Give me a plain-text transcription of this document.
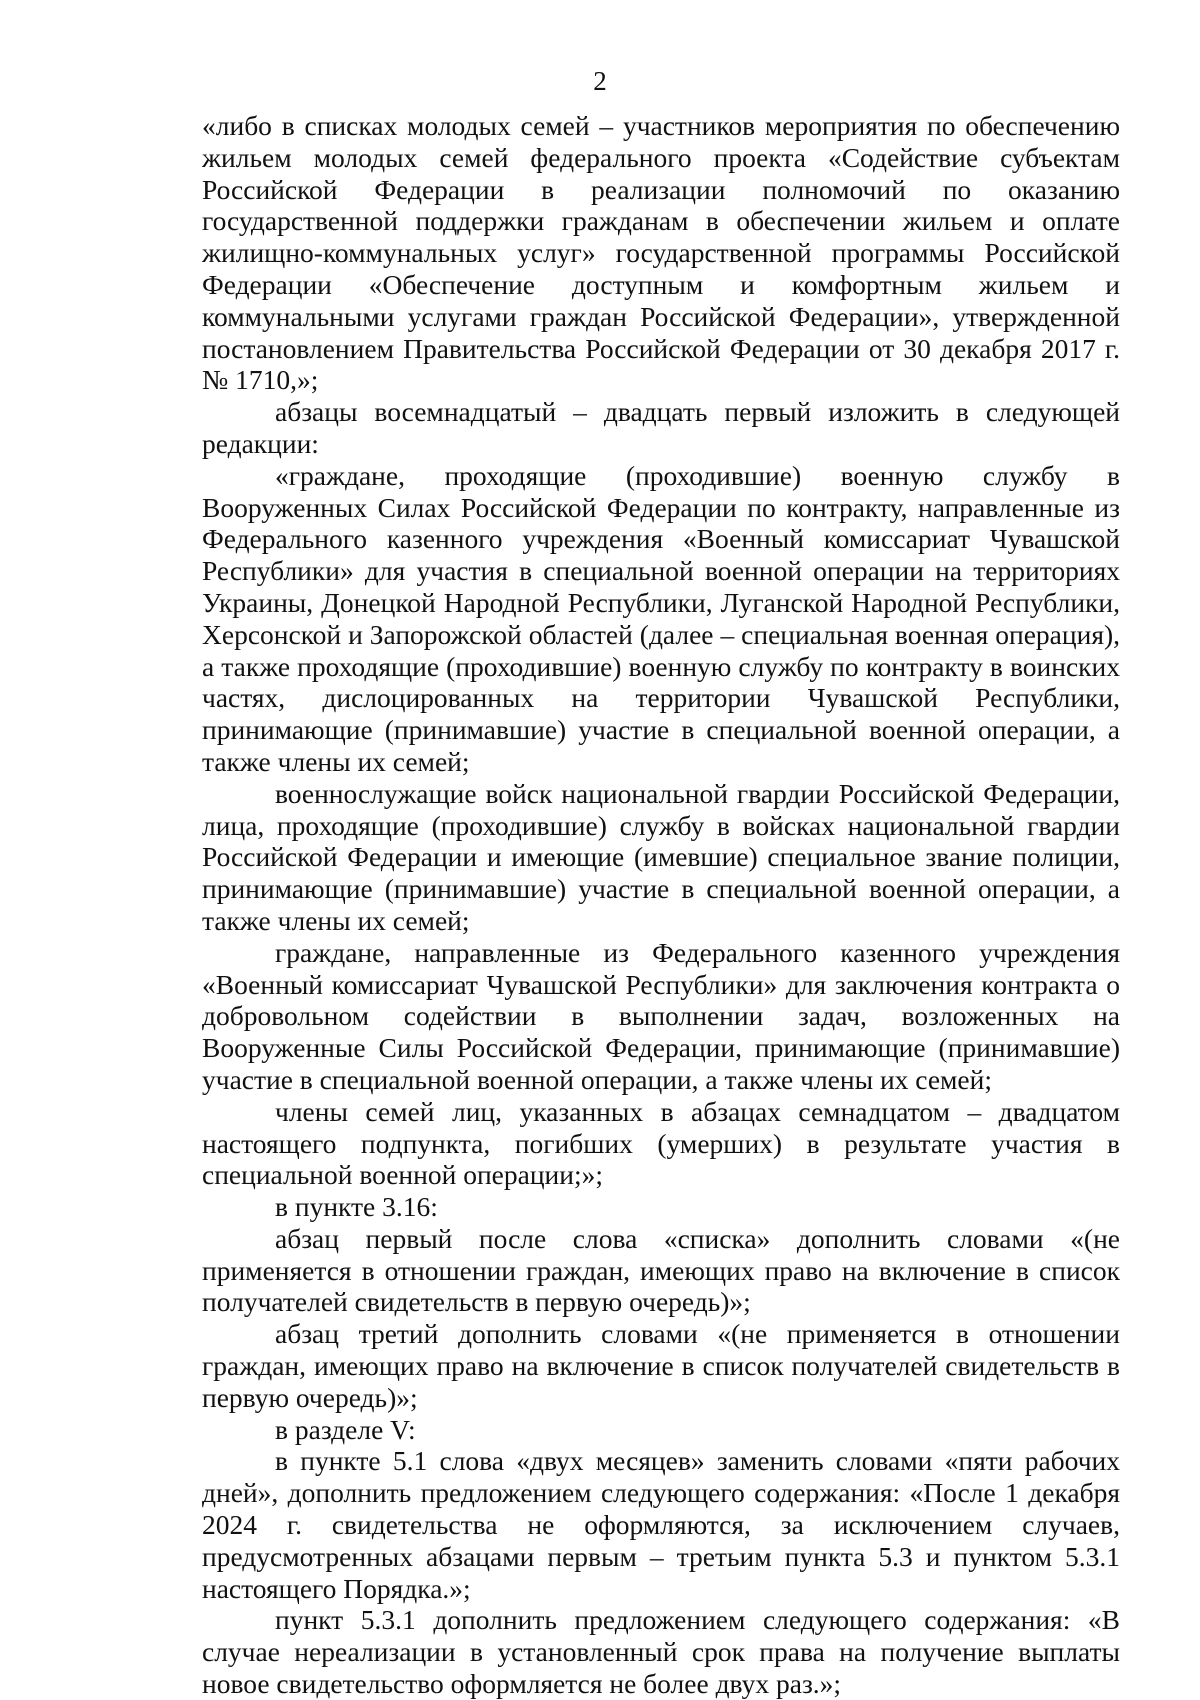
2

«либо в списках молодых семей – участников мероприятия по обеспечению жильем молодых семей федерального проекта «Содействие субъектам Российской Федерации в реализации полномочий по оказанию государственной поддержки гражданам в обеспечении жильем и оплате жилищно-коммунальных услуг» государственной программы Российской Федерации «Обеспечение доступным и комфортным жильем и коммунальными услугами граждан Российской Федерации», утвержденной постановлением Правительства Российской Федерации от 30 декабря 2017 г. № 1710,»;

абзацы восемнадцатый – двадцать первый изложить в следующей редакции:

«граждане, проходящие (проходившие) военную службу в Вооруженных Силах Российской Федерации по контракту, направленные из Федерального казенного учреждения «Военный комиссариат Чувашской Республики» для участия в специальной военной операции на территориях Украины, Донецкой Народной Республики, Луганской Народной Республики, Херсонской и Запорожской областей (далее – специальная военная операция), а также проходящие (проходившие) военную службу по контракту в воинских частях, дислоцированных на территории Чувашской Республики, принимающие (принимавшие) участие в специальной военной операции, а также члены их семей;

военнослужащие войск национальной гвардии Российской Федерации, лица, проходящие (проходившие) службу в войсках национальной гвардии Российской Федерации и имеющие (имевшие) специальное звание полиции, принимающие (принимавшие) участие в специальной военной операции, а также члены их семей;

граждане, направленные из Федерального казенного учреждения «Военный комиссариат Чувашской Республики» для заключения контракта о добровольном содействии в выполнении задач, возложенных на Вооруженные Силы Российской Федерации, принимающие (принимавшие) участие в специальной военной операции, а также члены их семей;

члены семей лиц, указанных в абзацах семнадцатом – двадцатом настоящего подпункта, погибших (умерших) в результате участия в специальной военной операции;»;

в пункте 3.16:

абзац первый после слова «списка» дополнить словами «(не применяется в отношении граждан, имеющих право на включение в список получателей свидетельств в первую очередь)»;

абзац третий дополнить словами «(не применяется в отношении граждан, имеющих право на включение в список получателей свидетельств в первую очередь)»;

в разделе V:

в пункте 5.1 слова «двух месяцев» заменить словами «пяти рабочих дней», дополнить предложением следующего содержания: «После 1 декабря 2024 г. свидетельства не оформляются, за исключением случаев, предусмотренных абзацами первым – третьим пункта 5.3 и пунктом 5.3.1 настоящего Порядка.»;

пункт 5.3.1 дополнить предложением следующего содержания: «В случае нереализации в установленный срок права на получение выплаты новое свидетельство оформляется не более двух раз.»;
